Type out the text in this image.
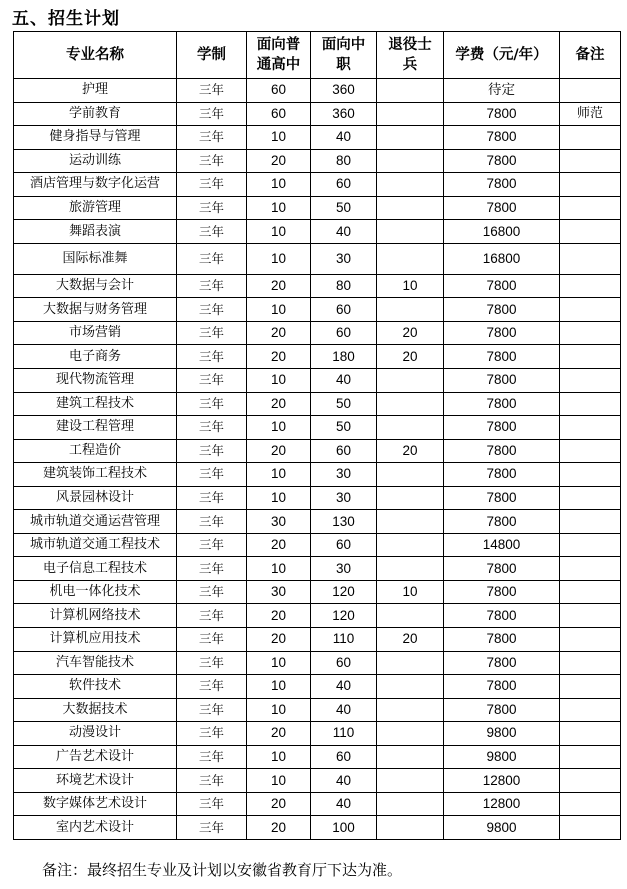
五、招生计划
专业名称	学制	面向普通高中	面向中职	退役士兵	学费（元/年）	备注
护理	三年	60	360		待定	
学前教育	三年	60	360		7800	师范
健身指导与管理	三年	10	40		7800	
运动训练	三年	20	80		7800	
酒店管理与数字化运营	三年	10	60		7800	
旅游管理	三年	10	50		7800	
舞蹈表演	三年	10	40		16800	
国际标准舞	三年	10	30		16800	
大数据与会计	三年	20	80	10	7800	
大数据与财务管理	三年	10	60		7800	
市场营销	三年	20	60	20	7800	
电子商务	三年	20	180	20	7800	
现代物流管理	三年	10	40		7800	
建筑工程技术	三年	20	50		7800	
建设工程管理	三年	10	50		7800	
工程造价	三年	20	60	20	7800	
建筑装饰工程技术	三年	10	30		7800	
风景园林设计	三年	10	30		7800	
城市轨道交通运营管理	三年	30	130		7800	
城市轨道交通工程技术	三年	20	60		14800	
电子信息工程技术	三年	10	30		7800	
机电一体化技术	三年	30	120	10	7800	
计算机网络技术	三年	20	120		7800	
计算机应用技术	三年	20	110	20	7800	
汽车智能技术	三年	10	60		7800	
软件技术	三年	10	40		7800	
大数据技术	三年	10	40		7800	
动漫设计	三年	20	110		9800	
广告艺术设计	三年	10	60		9800	
环境艺术设计	三年	10	40		12800	
数字媒体艺术设计	三年	20	40		12800	
室内艺术设计	三年	20	100		9800	
备注：最终招生专业及计划以安徽省教育厅下达为准。
